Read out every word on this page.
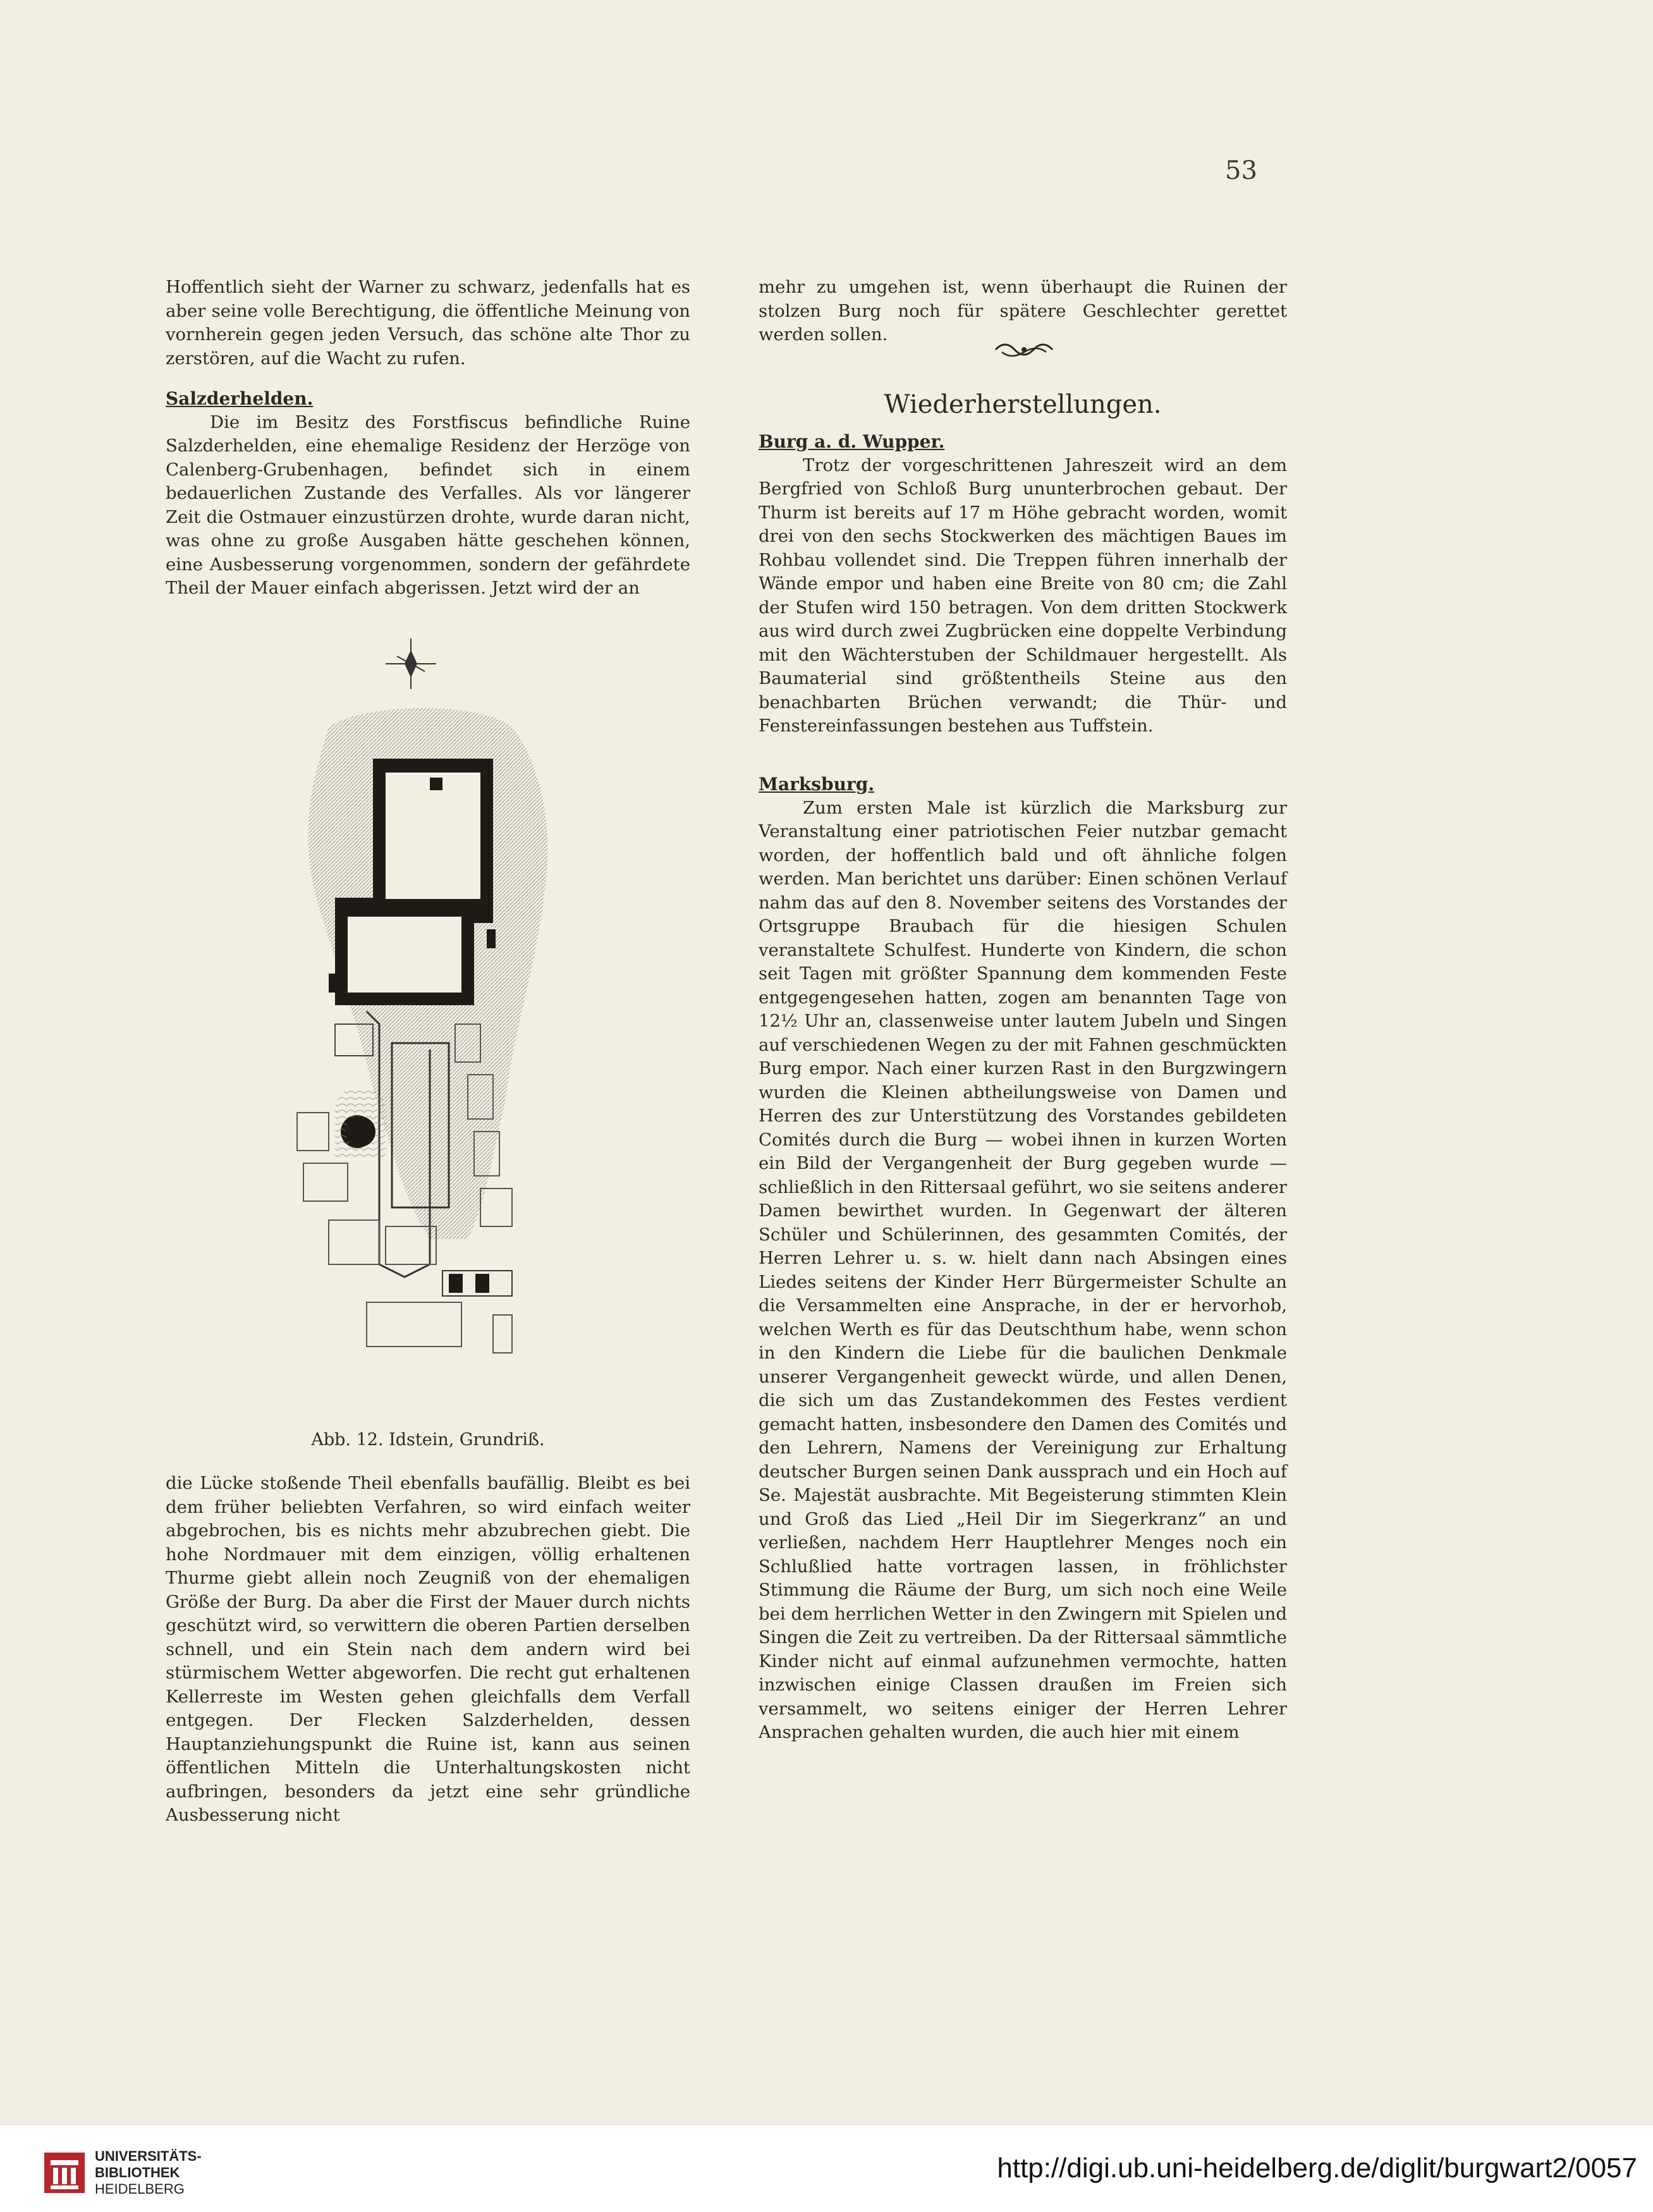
53

Hoffentlich sieht der Warner zu schwarz, jedenfalls hat es aber seine volle Berechtigung, die öffentliche Meinung von vornherein gegen jeden Versuch, das schöne alte Thor zu zerstören, auf die Wacht zu rufen.

Salzderhelden.

Die im Besitz des Forstfiscus befindliche Ruine Salzderhelden, eine ehemalige Residenz der Herzöge von Calenberg-Grubenhagen, befindet sich in einem bedauerlichen Zustande des Verfalles. Als vor längerer Zeit die Ostmauer einzustürzen drohte, wurde daran nicht, was ohne zu große Ausgaben hätte geschehen können, eine Ausbesserung vorgenommen, sondern der gefährdete Theil der Mauer einfach abgerissen. Jetzt wird der an

Abb. 12. Idstein, Grundriß.

die Lücke stoßende Theil ebenfalls baufällig. Bleibt es bei dem früher beliebten Verfahren, so wird einfach weiter abgebrochen, bis es nichts mehr abzubrechen giebt. Die hohe Nordmauer mit dem einzigen, völlig erhaltenen Thurme giebt allein noch Zeugniß von der ehemaligen Größe der Burg. Da aber die First der Mauer durch nichts geschützt wird, so verwittern die oberen Partien derselben schnell, und ein Stein nach dem andern wird bei stürmischem Wetter abgeworfen. Die recht gut erhaltenen Kellerreste im Westen gehen gleichfalls dem Verfall entgegen. Der Flecken Salzderhelden, dessen Hauptanziehungspunkt die Ruine ist, kann aus seinen öffentlichen Mitteln die Unterhaltungskosten nicht aufbringen, besonders da jetzt eine sehr gründliche Ausbesserung nicht

mehr zu umgehen ist, wenn überhaupt die Ruinen der stolzen Burg noch für spätere Geschlechter gerettet werden sollen.

Wiederherstellungen.

Burg a. d. Wupper.

Trotz der vorgeschrittenen Jahreszeit wird an dem Bergfried von Schloß Burg ununterbrochen gebaut. Der Thurm ist bereits auf 17 m Höhe gebracht worden, womit drei von den sechs Stockwerken des mächtigen Baues im Rohbau vollendet sind. Die Treppen führen innerhalb der Wände empor und haben eine Breite von 80 cm; die Zahl der Stufen wird 150 betragen. Von dem dritten Stockwerk aus wird durch zwei Zugbrücken eine doppelte Verbindung mit den Wächterstuben der Schildmauer hergestellt. Als Baumaterial sind größtentheils Steine aus den benachbarten Brüchen verwandt; die Thür- und Fenstereinfassungen bestehen aus Tuffstein.

Marksburg.

Zum ersten Male ist kürzlich die Marksburg zur Veranstaltung einer patriotischen Feier nutzbar gemacht worden, der hoffentlich bald und oft ähnliche folgen werden. Man berichtet uns darüber: Einen schönen Verlauf nahm das auf den 8. November seitens des Vorstandes der Ortsgruppe Braubach für die hiesigen Schulen veranstaltete Schulfest. Hunderte von Kindern, die schon seit Tagen mit größter Spannung dem kommenden Feste entgegengesehen hatten, zogen am benannten Tage von 12½ Uhr an, classenweise unter lautem Jubeln und Singen auf verschiedenen Wegen zu der mit Fahnen geschmückten Burg empor. Nach einer kurzen Rast in den Burgzwingern wurden die Kleinen abtheilungsweise von Damen und Herren des zur Unterstützung des Vorstandes gebildeten Comités durch die Burg — wobei ihnen in kurzen Worten ein Bild der Vergangenheit der Burg gegeben wurde — schließlich in den Rittersaal geführt, wo sie seitens anderer Damen bewirthet wurden. In Gegenwart der älteren Schüler und Schülerinnen, des gesammten Comités, der Herren Lehrer u. s. w. hielt dann nach Absingen eines Liedes seitens der Kinder Herr Bürgermeister Schulte an die Versammelten eine Ansprache, in der er hervorhob, welchen Werth es für das Deutschthum habe, wenn schon in den Kindern die Liebe für die baulichen Denkmale unserer Vergangenheit geweckt würde, und allen Denen, die sich um das Zustandekommen des Festes verdient gemacht hatten, insbesondere den Damen des Comités und den Lehrern, Namens der Vereinigung zur Erhaltung deutscher Burgen seinen Dank aussprach und ein Hoch auf Se. Majestät ausbrachte. Mit Begeisterung stimmten Klein und Groß das Lied „Heil Dir im Siegerkranz“ an und verließen, nachdem Herr Hauptlehrer Menges noch ein Schlußlied hatte vortragen lassen, in fröhlichster Stimmung die Räume der Burg, um sich noch eine Weile bei dem herrlichen Wetter in den Zwingern mit Spielen und Singen die Zeit zu vertreiben. Da der Rittersaal sämmtliche Kinder nicht auf einmal aufzunehmen vermochte, hatten inzwischen einige Classen draußen im Freien sich versammelt, wo seitens einiger der Herren Lehrer Ansprachen gehalten wurden, die auch hier mit einem

UNIVERSITÄTS-
BIBLIOTHEK
HEIDELBERG
http://digi.ub.uni-heidelberg.de/diglit/burgwart2/0057
